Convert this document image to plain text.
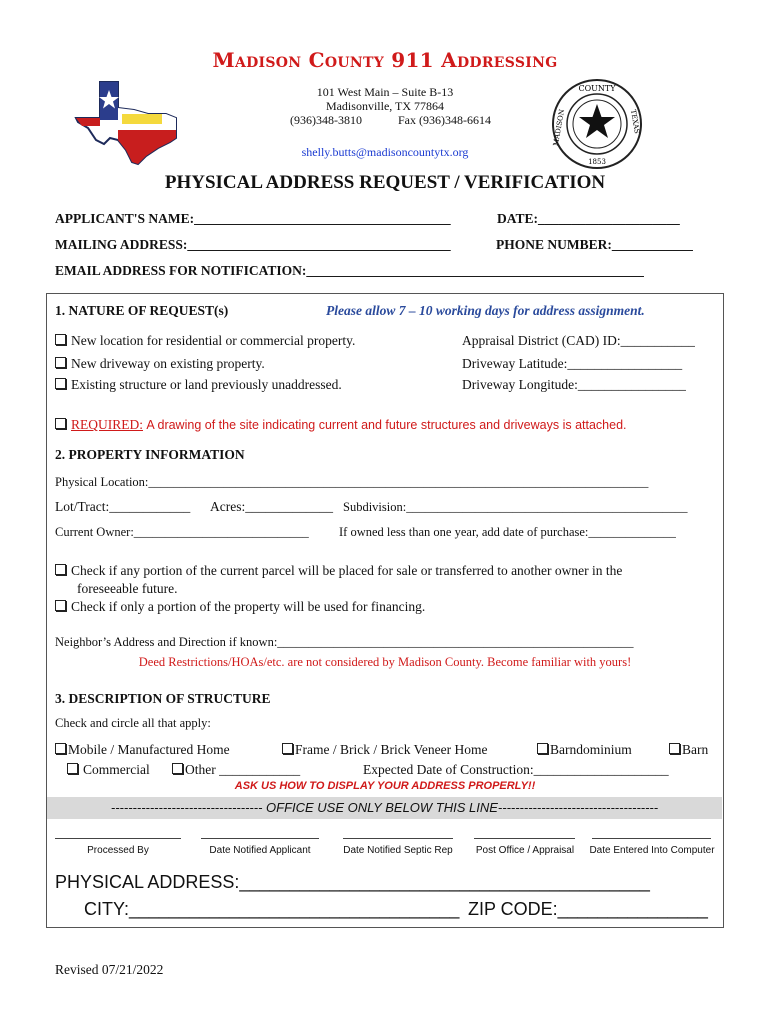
Madison County 911 Addressing
101 West Main – Suite B-13
Madisonville, TX 77864
(936)348-3810	Fax (936)348-6614
shelly.butts@madisoncountytx.org
COUNTY
MADISON	TEXAS
1853
PHYSICAL ADDRESS REQUEST / VERIFICATION
APPLICANT'S NAME:______________________________________	DATE:_____________________
MAILING ADDRESS:_______________________________________	PHONE NUMBER:____________
EMAIL ADDRESS FOR NOTIFICATION:__________________________________________________
1. NATURE OF REQUEST(s)	Please allow 7 – 10 working days for address assignment.
New location for residential or commercial property.
New driveway on existing property.
Existing structure or land previously unaddressed.
Appraisal District (CAD) ID:___________
Driveway Latitude:_________________
Driveway Longitude:________________
REQUIRED: A drawing of the site indicating current and future structures and driveways is attached.
2. PROPERTY INFORMATION
Physical Location:________________________________________________________________________________
Lot/Tract:____________ Acres:_____________ Subdivision:_____________________________________________
Current Owner:____________________________ If owned less than one year, add date of purchase:______________
Check if any portion of the current parcel will be placed for sale or transferred to another owner in the
foreseeable future.
Check if only a portion of the property will be used for financing.
Neighbor’s Address and Direction if known:_________________________________________________________
Deed Restrictions/HOAs/etc. are not considered by Madison County. Become familiar with yours!
3. DESCRIPTION OF STRUCTURE
Check and circle all that apply:
Mobile / Manufactured Home	Frame / Brick / Brick Veneer Home	Barndominium	Barn
Commercial	Other ____________	Expected Date of Construction:____________________
ASK US HOW TO DISPLAY YOUR ADDRESS PROPERLY!!
----------------------------------- OFFICE USE ONLY BELOW THIS LINE-------------------------------------
Processed By	Date Notified Applicant	Date Notified Septic Rep	Post Office / Appraisal	Date Entered Into Computer
PHYSICAL ADDRESS:_________________________________________
CITY:_________________________________ ZIP CODE:_______________
Revised 07/21/2022
